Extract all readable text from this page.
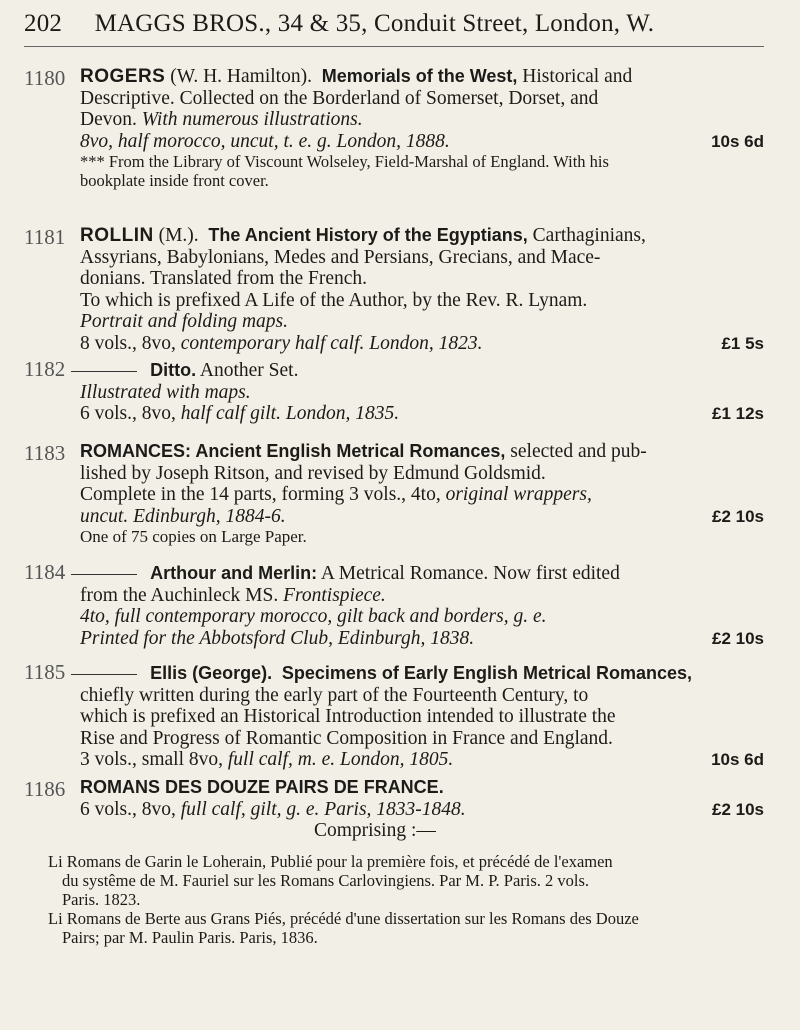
202 MAGGS BROS., 34 & 35, Conduit Street, London, W.
1180 ROGERS (W. H. Hamilton). Memorials of the West, Historical and
Descriptive. Collected on the Borderland of Somerset, Dorset, and
Devon. With numerous illustrations.
8vo, half morocco, uncut, t. e. g. London, 1888.	10s 6d
*** From the Library of Viscount Wolseley, Field-Marshal of England. With his
bookplate inside front cover.
1181 ROLLIN (M.). The Ancient History of the Egyptians, Carthaginians,
Assyrians, Babylonians, Medes and Persians, Grecians, and Mace-
donians. Translated from the French.
To which is prefixed A Life of the Author, by the Rev. R. Lynam.
Portrait and folding maps.
8 vols., 8vo, contemporary half calf. London, 1823.	£1 5s
1182	Ditto. Another Set.
Illustrated with maps.
6 vols., 8vo, half calf gilt. London, 1835.	£1 12s
1183 ROMANCES: Ancient English Metrical Romances, selected and pub-
lished by Joseph Ritson, and revised by Edmund Goldsmid.
Complete in the 14 parts, forming 3 vols., 4to, original wrappers,
uncut. Edinburgh, 1884-6.	£2 10s
One of 75 copies on Large Paper.
1184	Arthour and Merlin: A Metrical Romance. Now first edited
from the Auchinleck MS. Frontispiece.
4to, full contemporary morocco, gilt back and borders, g. e.
Printed for the Abbotsford Club, Edinburgh, 1838.	£2 10s
1185	Ellis (George). Specimens of Early English Metrical Romances,
chiefly written during the early part of the Fourteenth Century, to
which is prefixed an Historical Introduction intended to illustrate the
Rise and Progress of Romantic Composition in France and England.
3 vols., small 8vo, full calf, m. e. London, 1805.	10s 6d
1186 ROMANS DES DOUZE PAIRS DE FRANCE.
6 vols., 8vo, full calf, gilt, g. e. Paris, 1833-1848.	£2 10s
Comprising :—
Li Romans de Garin le Loherain, Publié pour la première fois, et précédé de l'examen
du systême de M. Fauriel sur les Romans Carlovingiens. Par M. P. Paris. 2 vols.
Paris. 1823.
Li Romans de Berte aus Grans Piés, précédé d'une dissertation sur les Romans des Douze
Pairs; par M. Paulin Paris. Paris, 1836.
